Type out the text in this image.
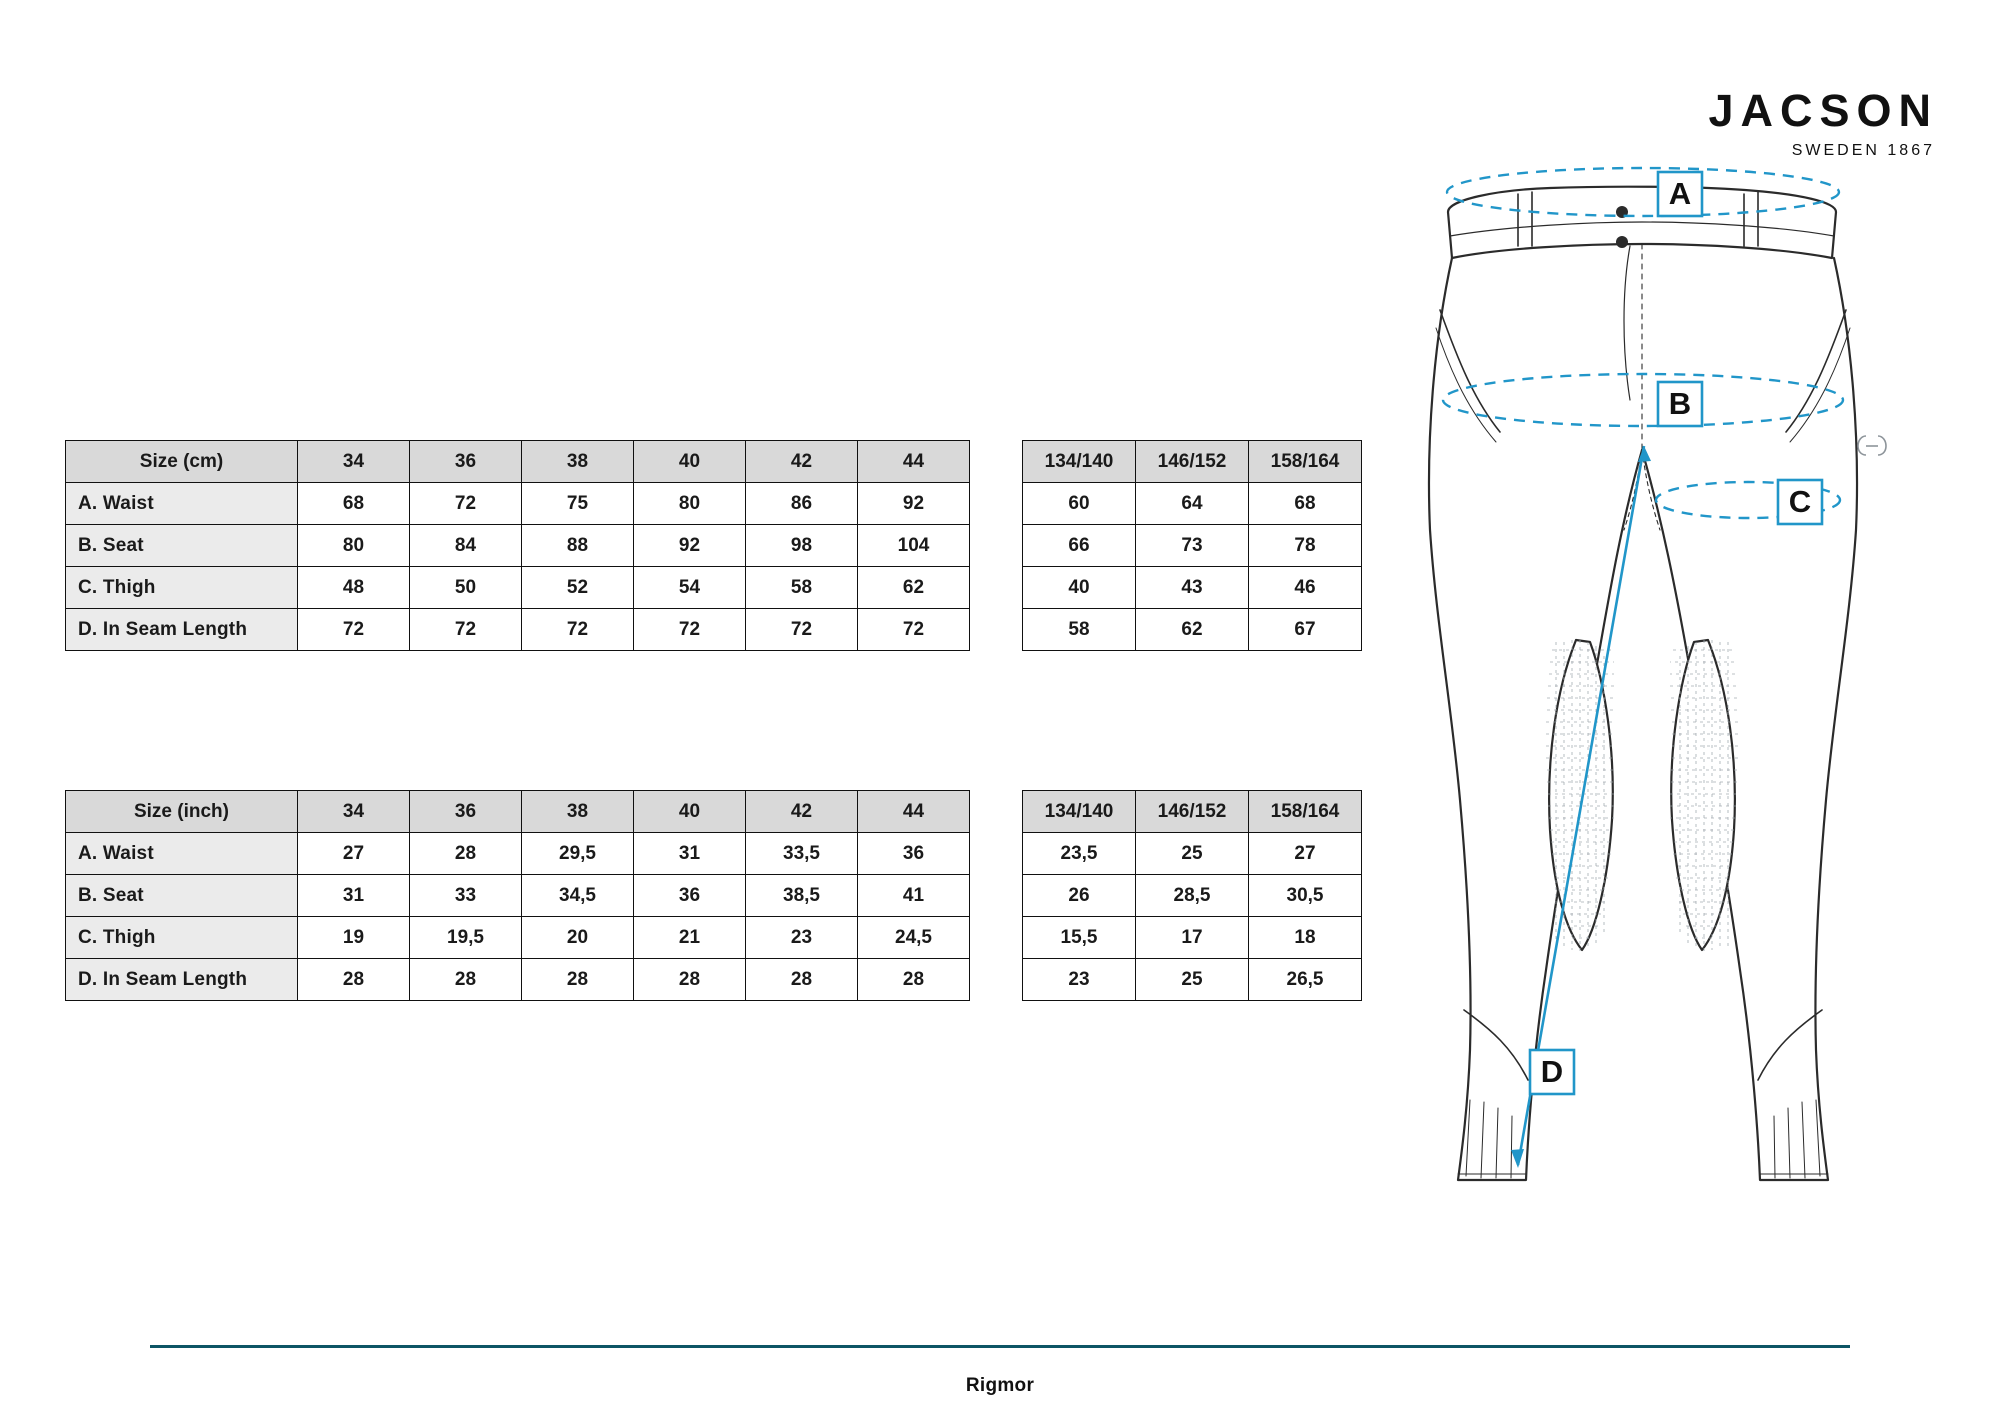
JACSON
SWEDEN 1867
Size (cm)	34	36	38	40	42	44
A. Waist	68	72	75	80	86	92
B. Seat	80	84	88	92	98	104
C. Thigh	48	50	52	54	58	62
D. In Seam Length	72	72	72	72	72	72
134/140	146/152	158/164
60	64	68
66	73	78
40	43	46
58	62	67
Size (inch)	34	36	38	40	42	44
A. Waist	27	28	29,5	31	33,5	36
B. Seat	31	33	34,5	36	38,5	41
C. Thigh	19	19,5	20	21	23	24,5
D. In Seam Length	28	28	28	28	28	28
134/140	146/152	158/164
23,5	25	27
26	28,5	30,5
15,5	17	18
23	25	26,5
A
B
C
D
Rigmor
